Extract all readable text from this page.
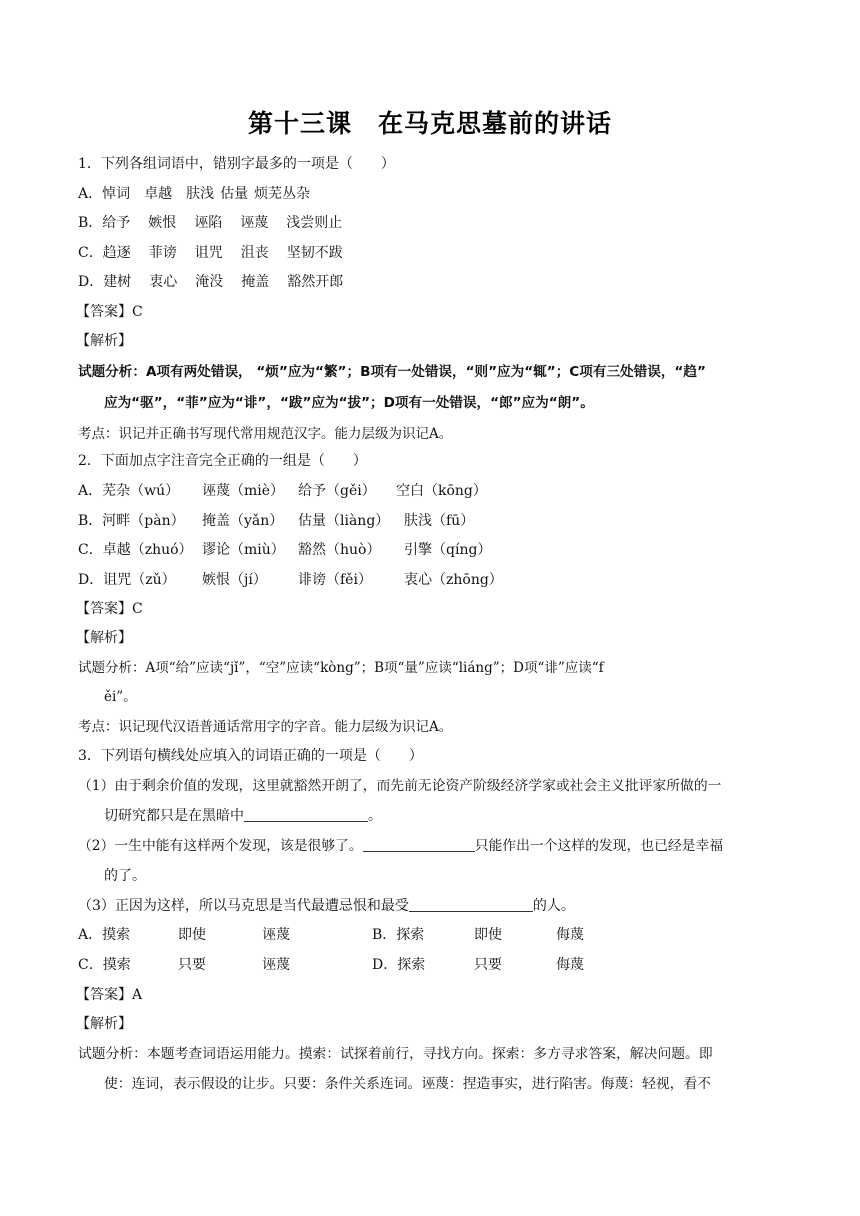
第十三课 在马克思墓前的讲话
1．下列各组词语中，错别字最多的一项是（　　）
A．悼词 卓越 肤浅 估量 烦芜丛杂
B．给予 嫉恨 诬陷 诬蔑 浅尝则止
C．趋逐 菲谤 诅咒 沮丧 坚韧不跋
D．建树 衷心 淹没 掩盖 豁然开郎
【答案】C
【解析】
试题分析：A项有两处错误， “烦”应为“繁”；B项有一处错误，“则”应为“辄”；C项有三处错误，“趋”
应为“驱”，“菲”应为“诽”，“跋”应为“拔”；D项有一处错误，“郎”应为“朗”。
考点：识记并正确书写现代常用规范汉字。能力层级为识记A。
2．下面加点字注音完全正确的一组是（　　）
A．芜杂（wú） 诬蔑（miè） 给予（gěi） 空白（kōng）
B．河畔（pàn） 掩盖（yǎn） 估量（liàng） 肤浅（fū）
C．卓越（zhuó） 谬论（miù） 豁然（huò） 引擎（qíng）
D．诅咒（zǔ） 嫉恨（jí） 诽谤（fěi） 衷心（zhōng）
【答案】C
【解析】
试题分析：A项“给”应读“jǐ”，“空”应读“kòng”；B项“量”应读“liáng”；D项“诽”应读“f
ěi”。
考点：识记现代汉语普通话常用字的字音。能力层级为识记A。
3．下列语句横线处应填入的词语正确的一项是（　　）
（1）由于剩余价值的发现，这里就豁然开朗了，而先前无论资产阶级经济学家或社会主义批评家所做的一
切研究都只是在黑暗中	。
（2）一生中能有这样两个发现，该是很够了。	只能作出一个这样的发现，也已经是幸福
的了。
（3）正因为这样，所以马克思是当代最遭忌恨和最受	的人。
A．摸索	即使	诬蔑	B．探索	即使	侮蔑
C．摸索	只要	诬蔑	D．探索	只要	侮蔑
【答案】A
【解析】
试题分析：本题考查词语运用能力。摸索：试探着前行，寻找方向。探索：多方寻求答案，解决问题。即
使：连词，表示假设的让步。只要：条件关系连词。诬蔑：捏造事实，进行陷害。侮蔑：轻视，看不
